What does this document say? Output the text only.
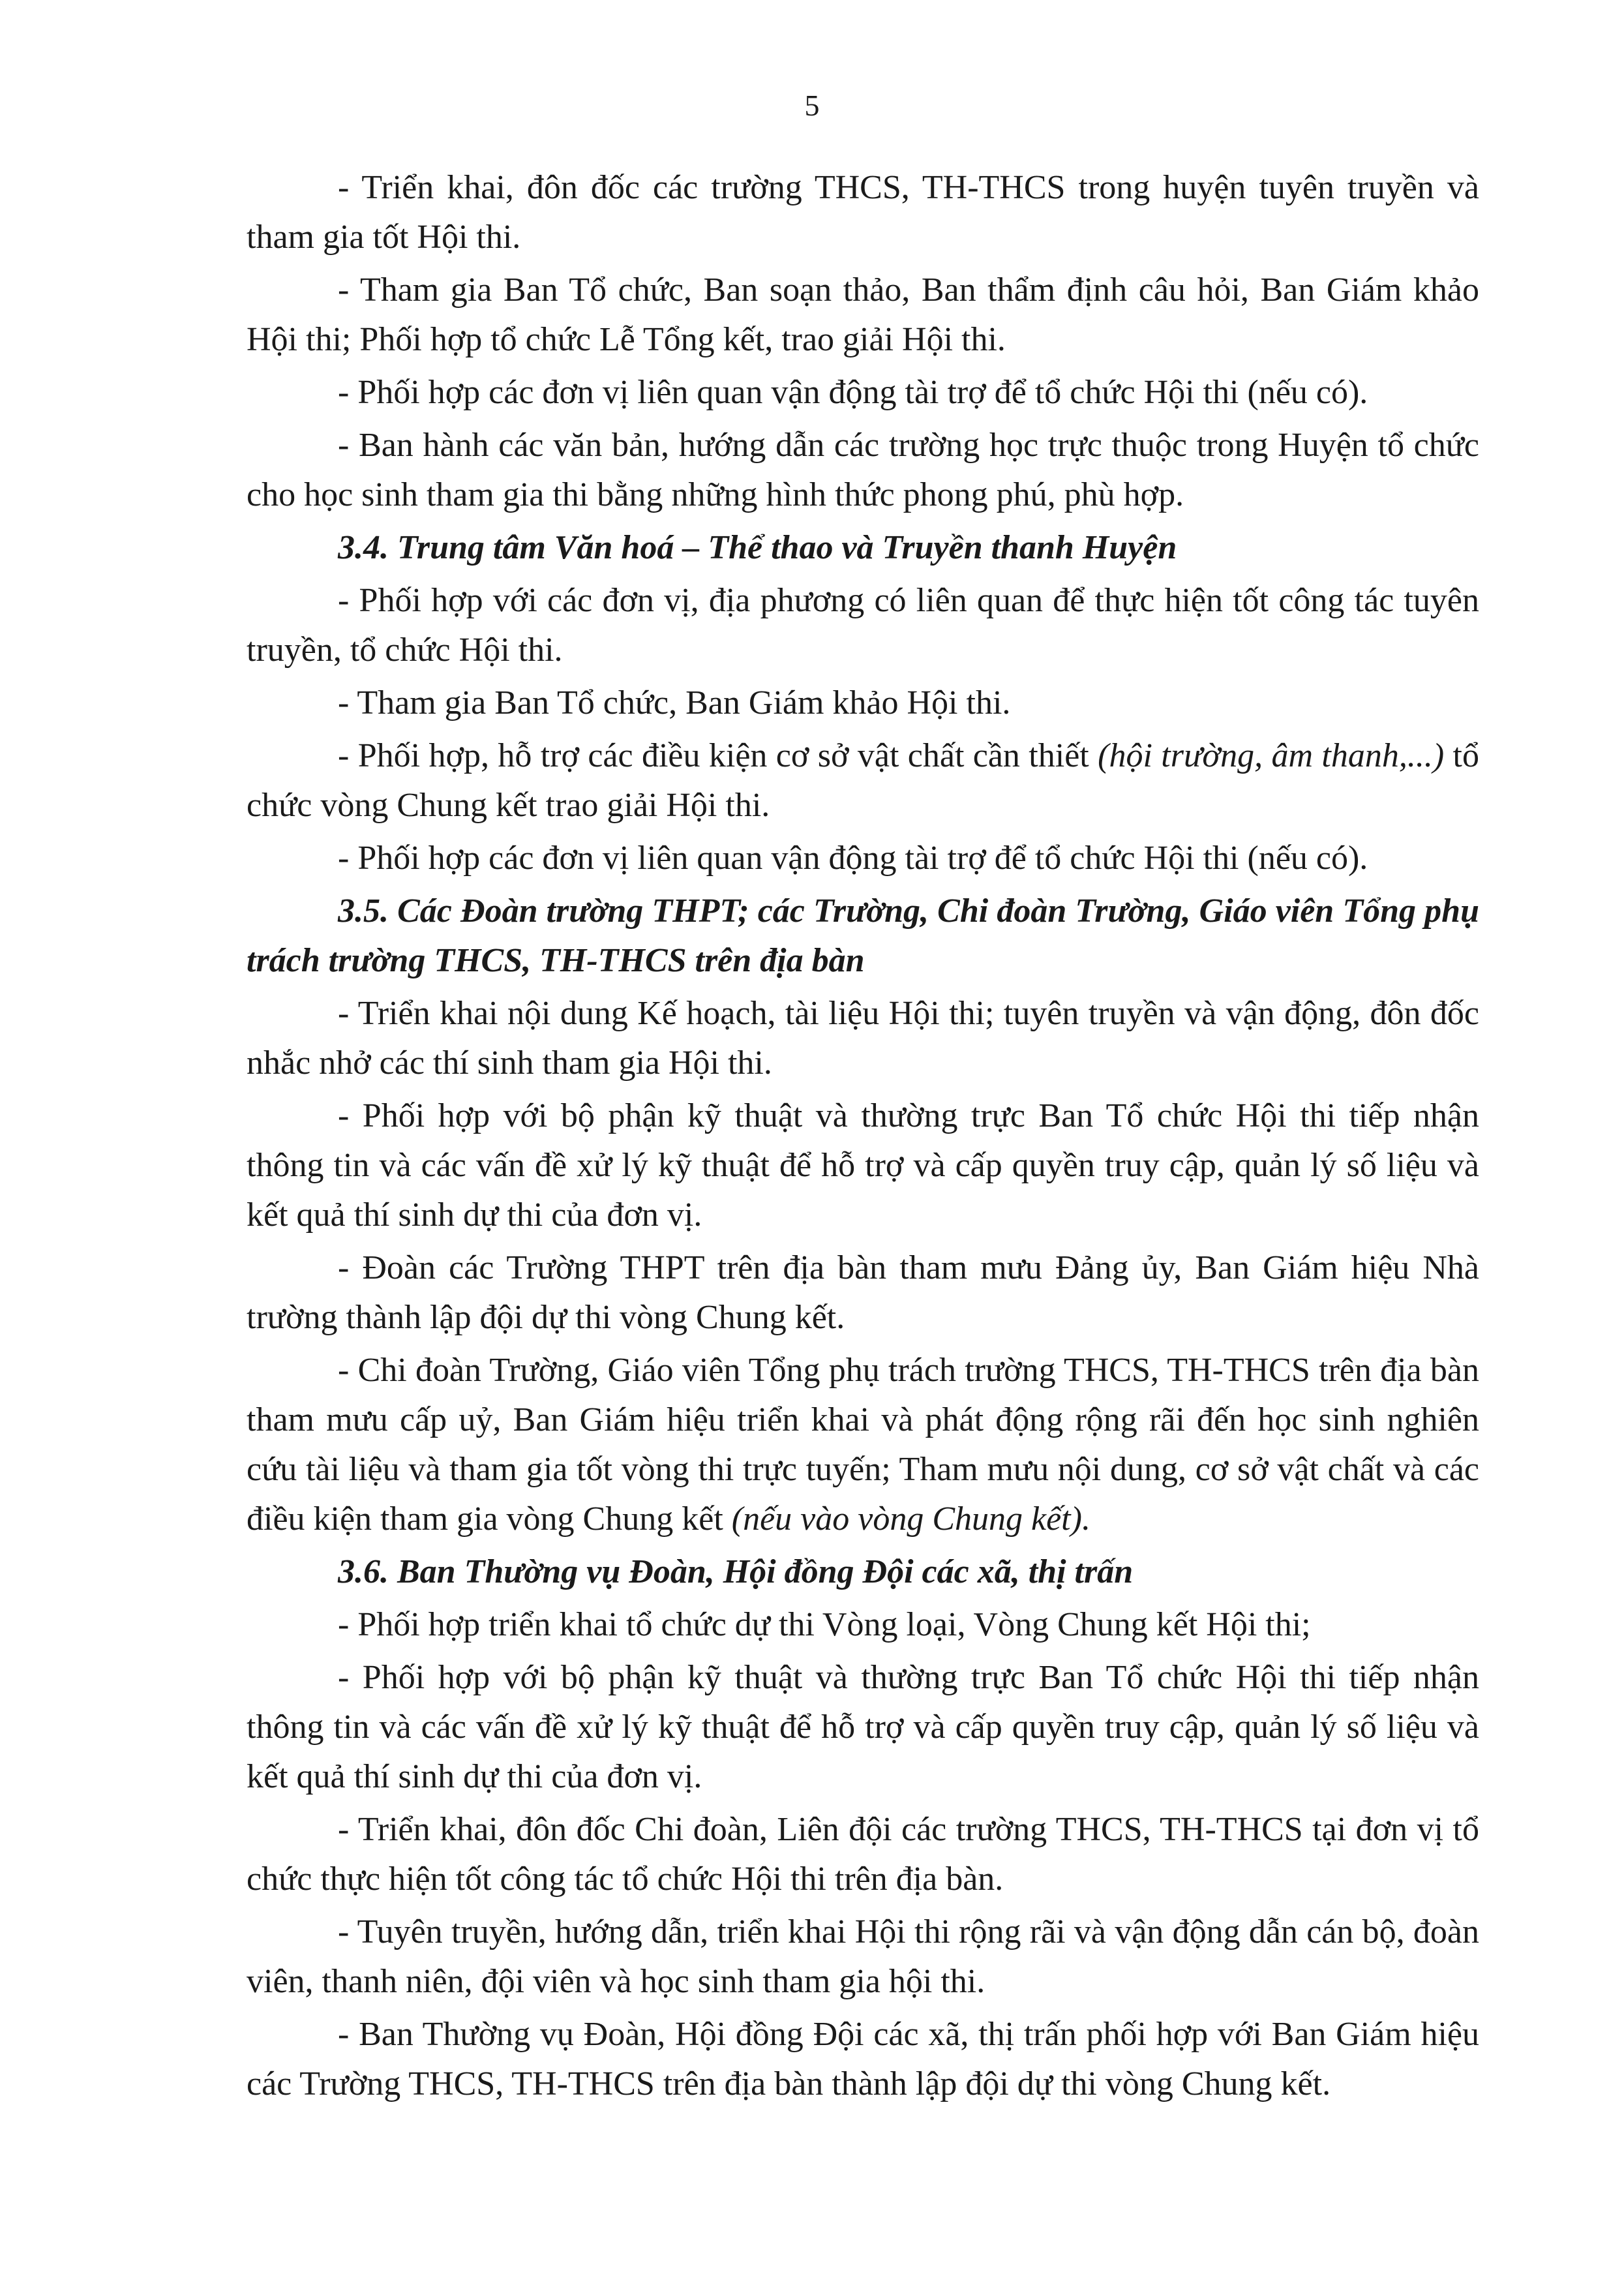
5

- Triển khai, đôn đốc các trường THCS, TH-THCS trong huyện tuyên truyền và tham gia tốt Hội thi.

- Tham gia Ban Tổ chức, Ban soạn thảo, Ban thẩm định câu hỏi, Ban Giám khảo Hội thi; Phối hợp tổ chức Lễ Tổng kết, trao giải Hội thi.

- Phối hợp các đơn vị liên quan vận động tài trợ để tổ chức Hội thi (nếu có).

- Ban hành các văn bản, hướng dẫn các trường học trực thuộc trong Huyện tổ chức cho học sinh tham gia thi bằng những hình thức phong phú, phù hợp.

3.4. Trung tâm Văn hoá – Thể thao và Truyền thanh Huyện

- Phối hợp với các đơn vị, địa phương có liên quan để thực hiện tốt công tác tuyên truyền, tổ chức Hội thi.

- Tham gia Ban Tổ chức, Ban Giám khảo Hội thi.

- Phối hợp, hỗ trợ các điều kiện cơ sở vật chất cần thiết (hội trường, âm thanh,...) tổ chức vòng Chung kết trao giải Hội thi.

- Phối hợp các đơn vị liên quan vận động tài trợ để tổ chức Hội thi (nếu có).

3.5. Các Đoàn trường THPT; các Trường, Chi đoàn Trường, Giáo viên Tổng phụ trách trường THCS, TH-THCS trên địa bàn

- Triển khai nội dung Kế hoạch, tài liệu Hội thi; tuyên truyền và vận động, đôn đốc nhắc nhở các thí sinh tham gia Hội thi.

- Phối hợp với bộ phận kỹ thuật và thường trực Ban Tổ chức Hội thi tiếp nhận thông tin và các vấn đề xử lý kỹ thuật để hỗ trợ và cấp quyền truy cập, quản lý số liệu và kết quả thí sinh dự thi của đơn vị.

- Đoàn các Trường THPT trên địa bàn tham mưu Đảng ủy, Ban Giám hiệu Nhà trường thành lập đội dự thi vòng Chung kết.

- Chi đoàn Trường, Giáo viên Tổng phụ trách trường THCS, TH-THCS trên địa bàn tham mưu cấp uỷ, Ban Giám hiệu triển khai và phát động rộng rãi đến học sinh nghiên cứu tài liệu và tham gia tốt vòng thi trực tuyến; Tham mưu nội dung, cơ sở vật chất và các điều kiện tham gia vòng Chung kết (nếu vào vòng Chung kết).

3.6. Ban Thường vụ Đoàn, Hội đồng Đội các xã, thị trấn

- Phối hợp triển khai tổ chức dự thi Vòng loại, Vòng Chung kết Hội thi;

- Phối hợp với bộ phận kỹ thuật và thường trực Ban Tổ chức Hội thi tiếp nhận thông tin và các vấn đề xử lý kỹ thuật để hỗ trợ và cấp quyền truy cập, quản lý số liệu và kết quả thí sinh dự thi của đơn vị.

- Triển khai, đôn đốc Chi đoàn, Liên đội các trường THCS, TH-THCS tại đơn vị tổ chức thực hiện tốt công tác tổ chức Hội thi trên địa bàn.

- Tuyên truyền, hướng dẫn, triển khai Hội thi rộng rãi và vận động dẫn cán bộ, đoàn viên, thanh niên, đội viên và học sinh tham gia hội thi.

- Ban Thường vụ Đoàn, Hội đồng Đội các xã, thị trấn phối hợp với Ban Giám hiệu các Trường THCS, TH-THCS trên địa bàn thành lập đội dự thi vòng Chung kết.
